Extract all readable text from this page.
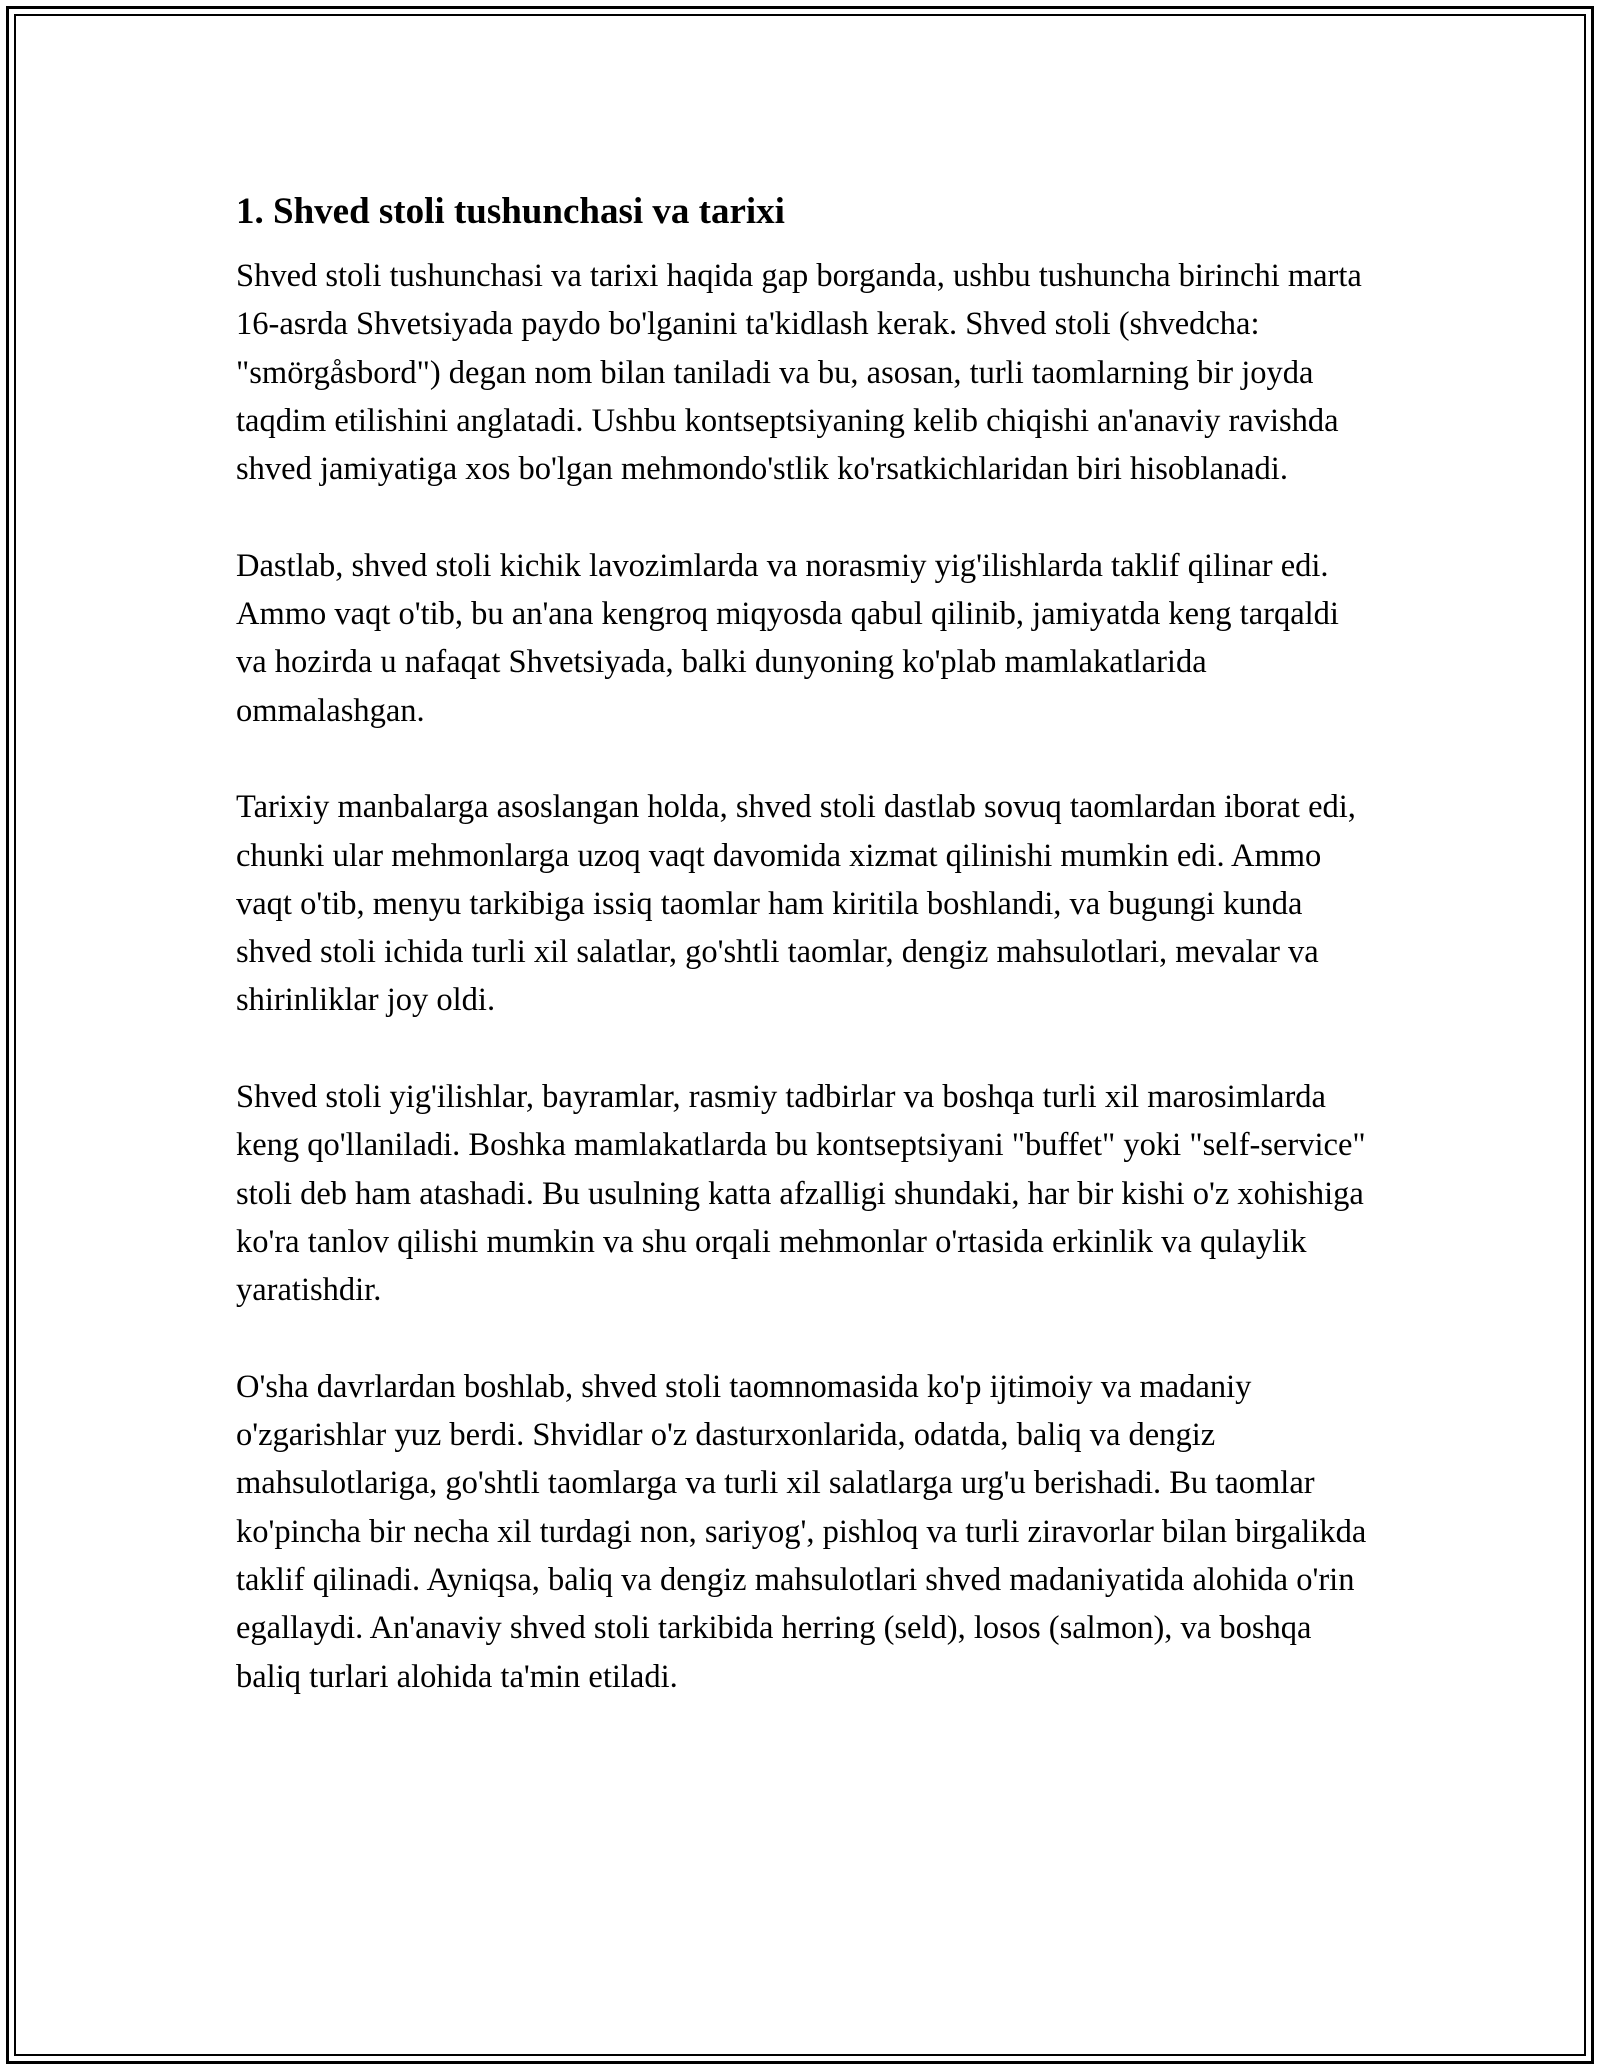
1. Shved stoli tushunchasi va tarixi

Shved stoli tushunchasi va tarixi haqida gap borganda, ushbu tushuncha birinchi marta 16-asrda Shvetsiyada paydo bo'lganini ta'kidlash kerak. Shved stoli (shvedcha: "smörgåsbord") degan nom bilan taniladi va bu, asosan, turli taomlarning bir joyda taqdim etilishini anglatadi. Ushbu kontseptsiyaning kelib chiqishi an'anaviy ravishda shved jamiyatiga xos bo'lgan mehmondo'stlik ko'rsatkichlaridan biri hisoblanadi.

Dastlab, shved stoli kichik lavozimlarda va norasmiy yig'ilishlarda taklif qilinar edi. Ammo vaqt o'tib, bu an'ana kengroq miqyosda qabul qilinib, jamiyatda keng tarqaldi va hozirda u nafaqat Shvetsiyada, balki dunyoning ko'plab mamlakatlarida ommalashgan.

Tarixiy manbalarga asoslangan holda, shved stoli dastlab sovuq taomlardan iborat edi, chunki ular mehmonlarga uzoq vaqt davomida xizmat qilinishi mumkin edi. Ammo vaqt o'tib, menyu tarkibiga issiq taomlar ham kiritila boshlandi, va bugungi kunda shved stoli ichida turli xil salatlar, go'shtli taomlar, dengiz mahsulotlari, mevalar va shirinliklar joy oldi.

Shved stoli yig'ilishlar, bayramlar, rasmiy tadbirlar va boshqa turli xil marosimlarda keng qo'llaniladi. Boshka mamlakatlarda bu kontseptsiyani "buffet" yoki "self-service" stoli deb ham atashadi. Bu usulning katta afzalligi shundaki, har bir kishi o'z xohishiga ko'ra tanlov qilishi mumkin va shu orqali mehmonlar o'rtasida erkinlik va qulaylik yaratishdir.

O'sha davrlardan boshlab, shved stoli taomnomasida ko'p ijtimoiy va madaniy o'zgarishlar yuz berdi. Shvidlar o'z dasturxonlarida, odatda, baliq va dengiz mahsulotlariga, go'shtli taomlarga va turli xil salatlarga urg'u berishadi. Bu taomlar ko'pincha bir necha xil turdagi non, sariyog', pishloq va turli ziravorlar bilan birgalikda taklif qilinadi. Ayniqsa, baliq va dengiz mahsulotlari shved madaniyatida alohida o'rin egallaydi. An'anaviy shved stoli tarkibida herring (seld), losos (salmon), va boshqa baliq turlari alohida ta'min etiladi.
